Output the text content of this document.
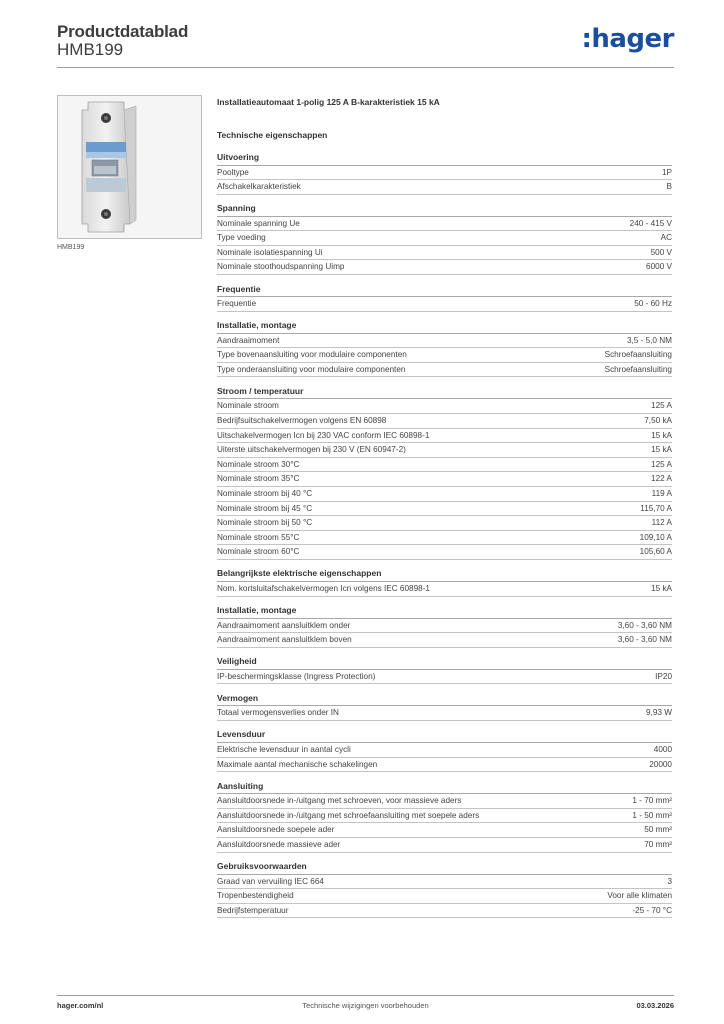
Productdatablad
HMB199	:hager
HMB199
Installatieautomaat 1-polig 125 A B-karakteristiek 15 kA
Technische eigenschappen
Uitvoering
Pooltype	1P
Afschakelkarakteristiek	B
Spanning
Nominale spanning Ue	240 - 415 V
Type voeding	AC
Nominale isolatiespanning Ui	500 V
Nominale stoothoudspanning Uimp	6000 V
Frequentie
Frequentie	50 - 60 Hz
Installatie, montage
Aandraaimoment	3,5 - 5,0 NM
Type bovenaansluiting voor modulaire componenten	Schroefaansluiting
Type onderaansluiting voor modulaire componenten	Schroefaansluiting
Stroom / temperatuur
Nominale stroom	125 A
Bedrijfsuitschakelvermogen volgens EN 60898	7,50 kA
Uitschakelvermogen Icn bij 230 VAC conform IEC 60898-1	15 kA
Uiterste uitschakelvermogen bij 230 V (EN 60947-2)	15 kA
Nominale stroom 30°C	125 A
Nominale stroom 35°C	122 A
Nominale stroom bij 40 °C	119 A
Nominale stroom bij 45 °C	115,70 A
Nominale stroom bij 50 °C	112 A
Nominale stroom 55°C	109,10 A
Nominale stroom 60°C	105,60 A
Belangrijkste elektrische eigenschappen
Nom. kortsluitafschakelvermogen Icn volgens IEC 60898-1	15 kA
Installatie, montage
Aandraaimoment aansluitklem onder	3,60 - 3,60 NM
Aandraaimoment aansluitklem boven	3,60 - 3,60 NM
Veiligheid
IP-beschermingsklasse (Ingress Protection)	IP20
Vermogen
Totaal vermogensverlies onder IN	9,93 W
Levensduur
Elektrische levensduur in aantal cycli	4000
Maximale aantal mechanische schakelingen	20000
Aansluiting
Aansluitdoorsnede in-/uitgang met schroeven, voor massieve aders	1 - 70 mm²
Aansluitdoorsnede in-/uitgang met schroefaansluiting met soepele aders	1 - 50 mm²
Aansluitdoorsnede soepele ader	50 mm²
Aansluitdoorsnede massieve ader	70 mm²
Gebruiksvoorwaarden
Graad van vervuiling IEC 664	3
Tropenbestendigheid	Voor alle klimaten
Bedrijfstemperatuur	-25 - 70 °C
hager.com/nl	Technische wijzigingen voorbehouden	03.03.2026
